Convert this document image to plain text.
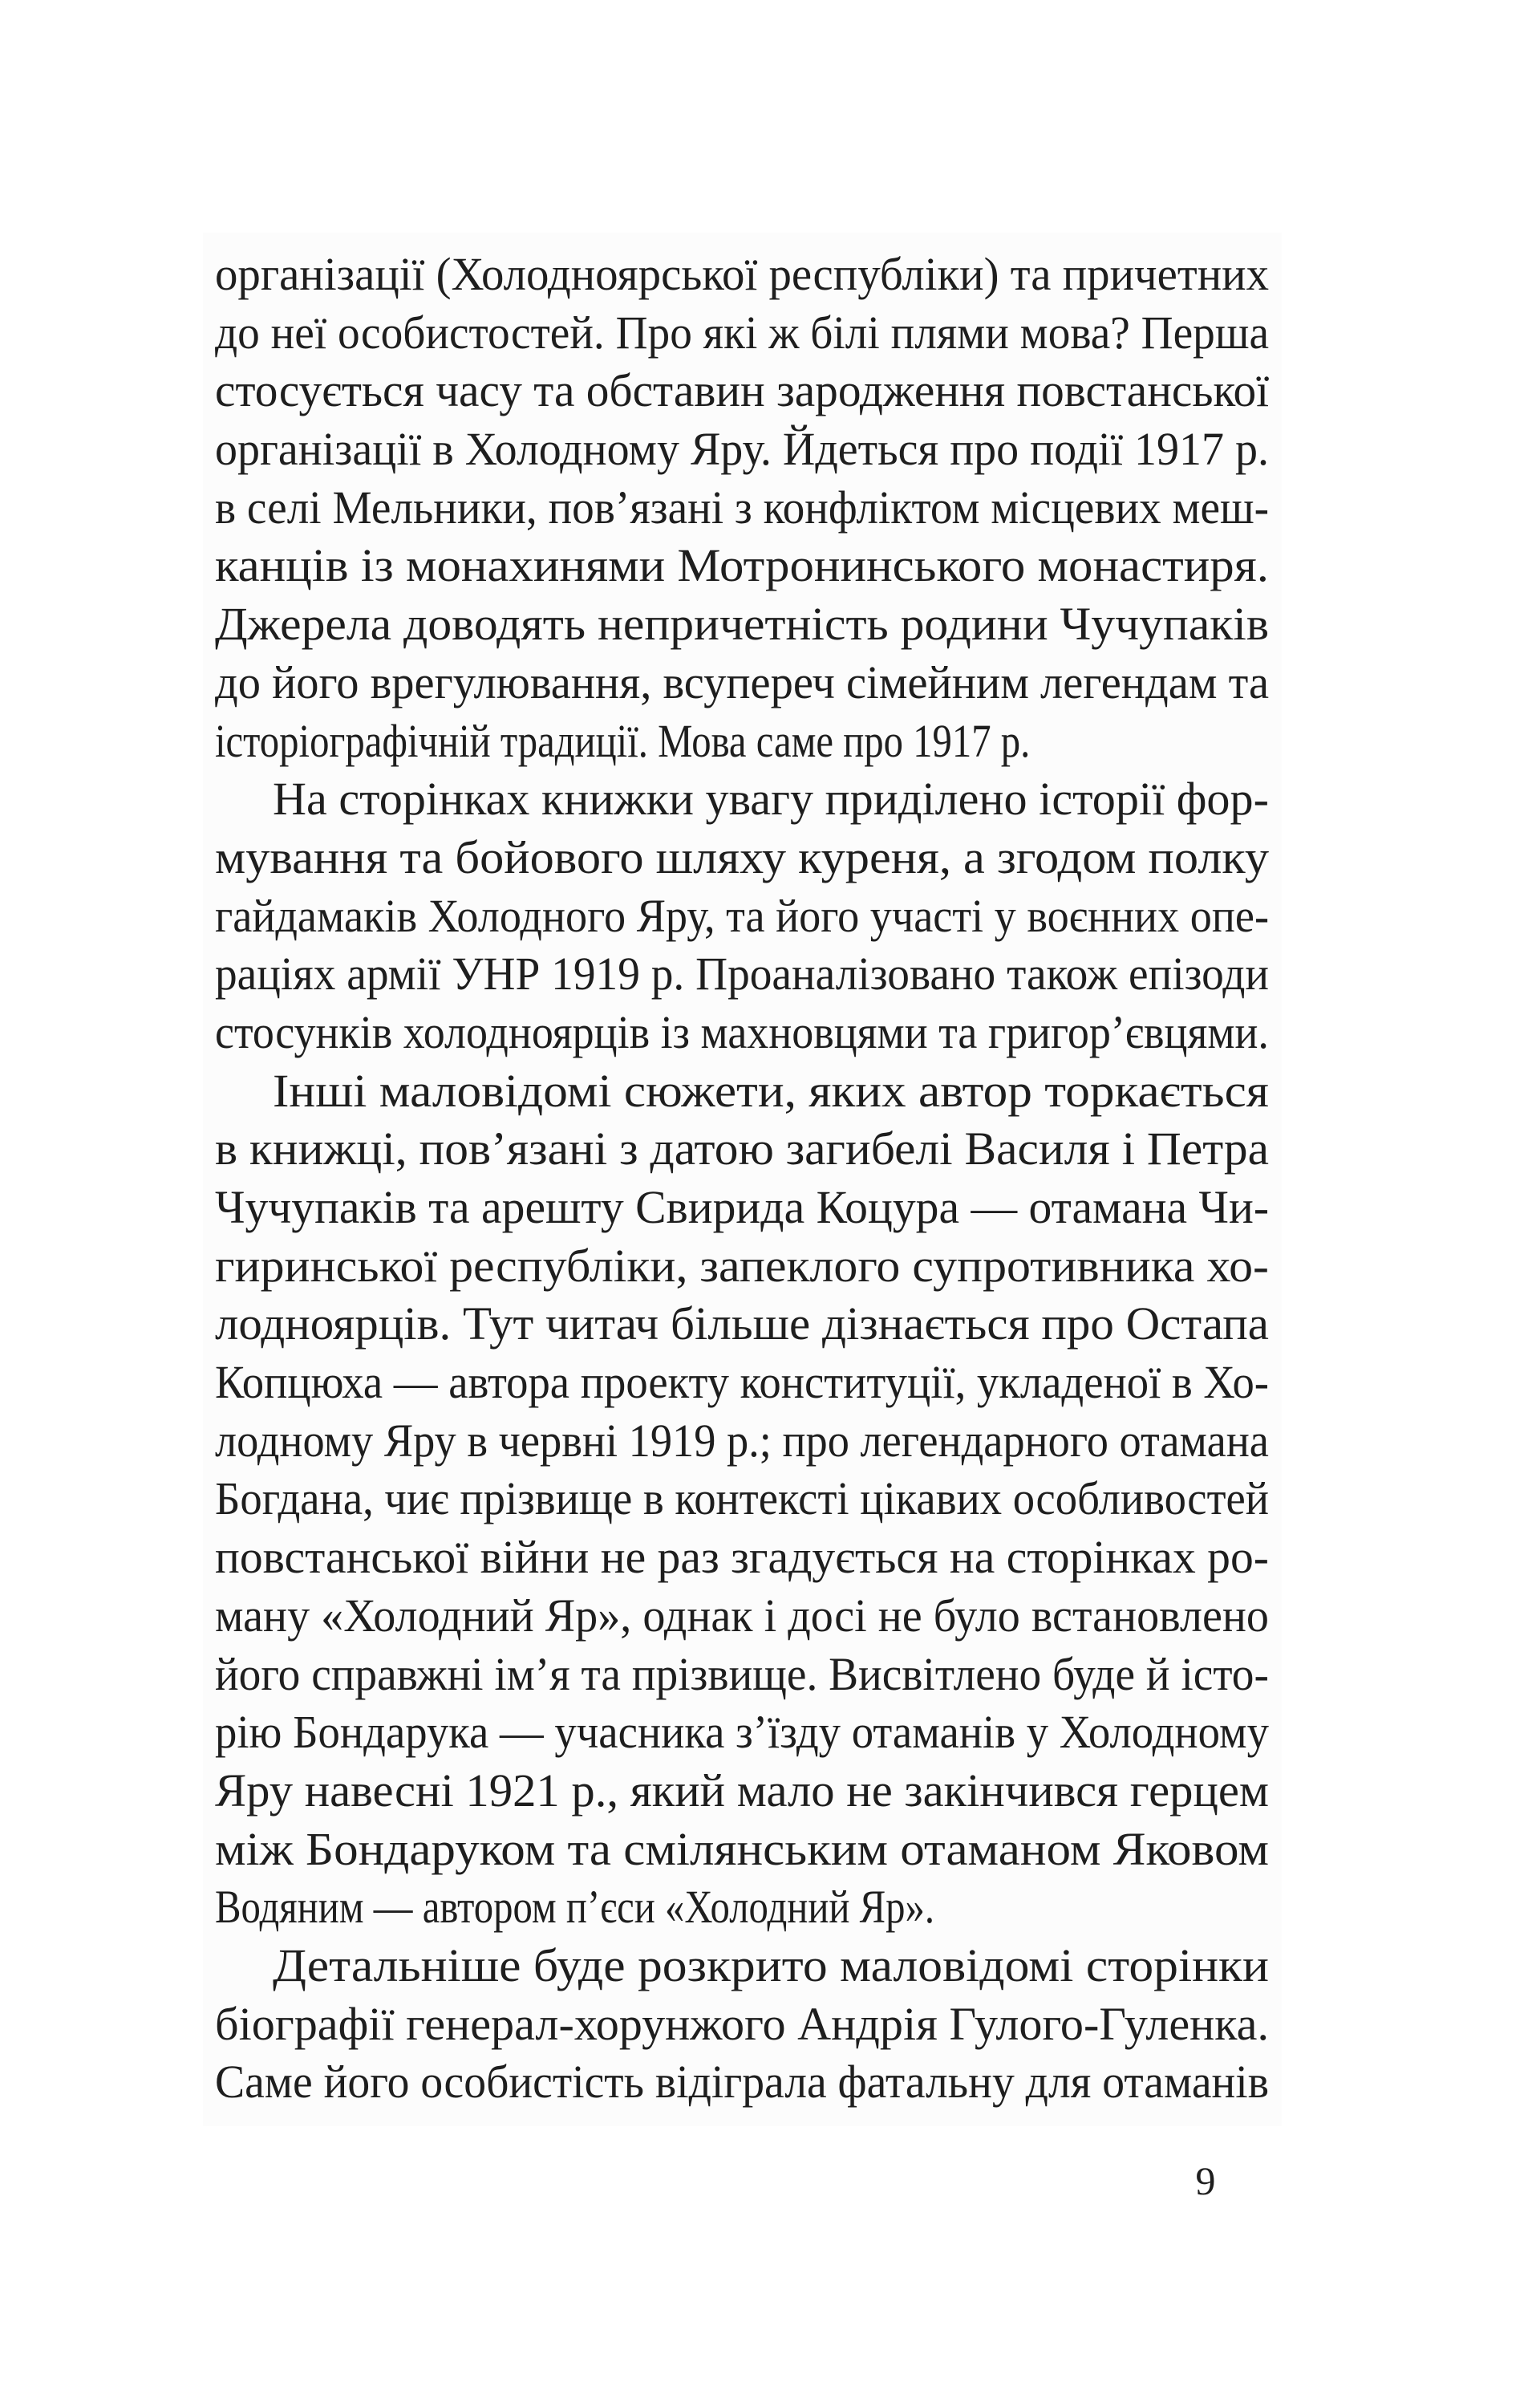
організації (Холодноярської республіки) та причетних
до неї особистостей. Про які ж білі плями мова? Перша
стосується часу та обставин зародження повстанської
організації в Холодному Яру. Йдеться про події 1917 р.
в селі Мельники, пов’язані з конфліктом місцевих меш-
канців із монахинями Мотронинського монастиря.
Джерела доводять непричетність родини Чучупаків
до його врегулювання, всупереч сімейним легендам та
історіографічній традиції. Мова саме про 1917 р.
На сторінках книжки увагу приділено історії фор-
мування та бойового шляху куреня, а згодом полку
гайдамаків Холодного Яру, та його участі у воєнних опе-
раціях армії УНР 1919 р. Проаналізовано також епізоди
стосунків холодноярців із махновцями та григор’євцями.
Інші маловідомі сюжети, яких автор торкається
в книжці, пов’язані з датою загибелі Василя і Петра
Чучупаків та арешту Свирида Коцура — отамана Чи-
гиринської республіки, запеклого супротивника хо-
лодноярців. Тут читач більше дізнається про Остапа
Копцюха — автора проекту конституції, укладеної в Хо-
лодному Яру в червні 1919 р.; про легендарного отамана
Богдана, чиє прізвище в контексті цікавих особливостей
повстанської війни не раз згадується на сторінках ро-
ману «Холодний Яр», однак і досі не було встановлено
його справжні ім’я та прізвище. Висвітлено буде й істо-
рію Бондарука — учасника з’їзду отаманів у Холодному
Яру навесні 1921 р., який мало не закінчився герцем
між Бондаруком та смілянським отаманом Яковом
Водяним — автором п’єси «Холодний Яр».
Детальніше буде розкрито маловідомі сторінки
біографії генерал-хорунжого Андрія Гулого-Гуленка.
Саме його особистість відіграла фатальну для отаманів
9
